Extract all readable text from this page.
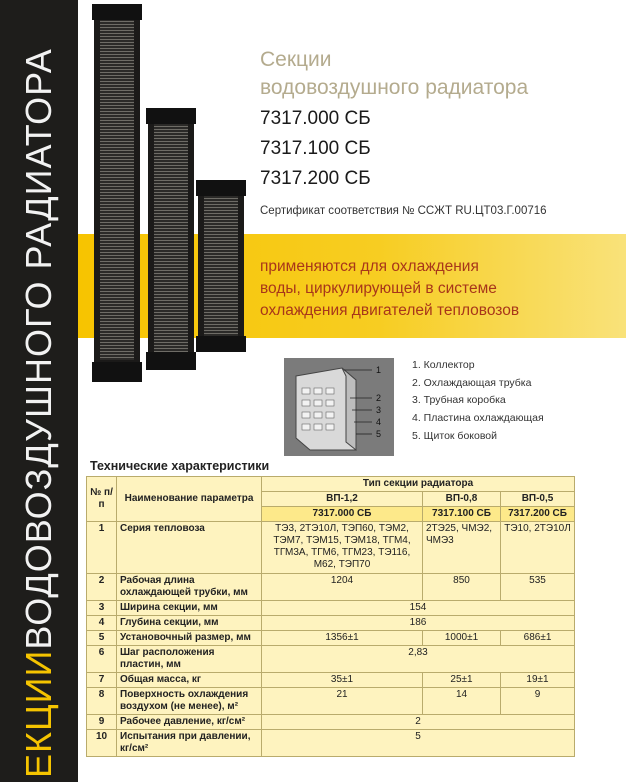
ЕКЦИИВОДОВОЗДУШНОГО РАДИАТОРА	Секции
водовоздушного радиатора
7317.000 СБ
7317.100 СБ
7317.200 СБ
Сертификат соответствия № ССЖТ RU.ЦТ03.Г.00716
применяются для охлаждения
воды, циркулирующей в системе
охлаждения двигателей тепловозов
1
2
3
4
5
1. Коллектор
2. Охлаждающая трубка
3. Трубная коробка
4. Пластина охлаждающая
5. Щиток боковой
Технические характеристики
№ п/п	Наименование параметра	Тип секции радиатора		
		ВП-1,2	ВП-0,8	ВП-0,5
		7317.000 СБ	7317.100 СБ	7317.200 СБ
1	Серия тепловоза	ТЭ3, 2ТЭ10Л, ТЭП60, ТЭМ2, ТЭМ7, ТЭМ15, ТЭМ18, ТГМ4, ТГМ3А, ТГМ6, ТГМ23, ТЭ116, М62, ТЭП70	2ТЭ25, ЧМЭ2, ЧМЭ3	ТЭ10, 2ТЭ10Л
2	Рабочая длина охлаждающей трубки, мм	1204	850	535
3	Ширина секции, мм	154		
4	Глубина секции, мм	186		
5	Установочный размер, мм	1356±1	1000±1	686±1
6	Шаг расположения пластин, мм	2,83		
7	Общая масса, кг	35±1	25±1	19±1
8	Поверхность охлаждения воздухом (не менее), м²	21	14	9
9	Рабочее давление, кг/см²	2		
10	Испытания при давлении, кг/см²	5		
